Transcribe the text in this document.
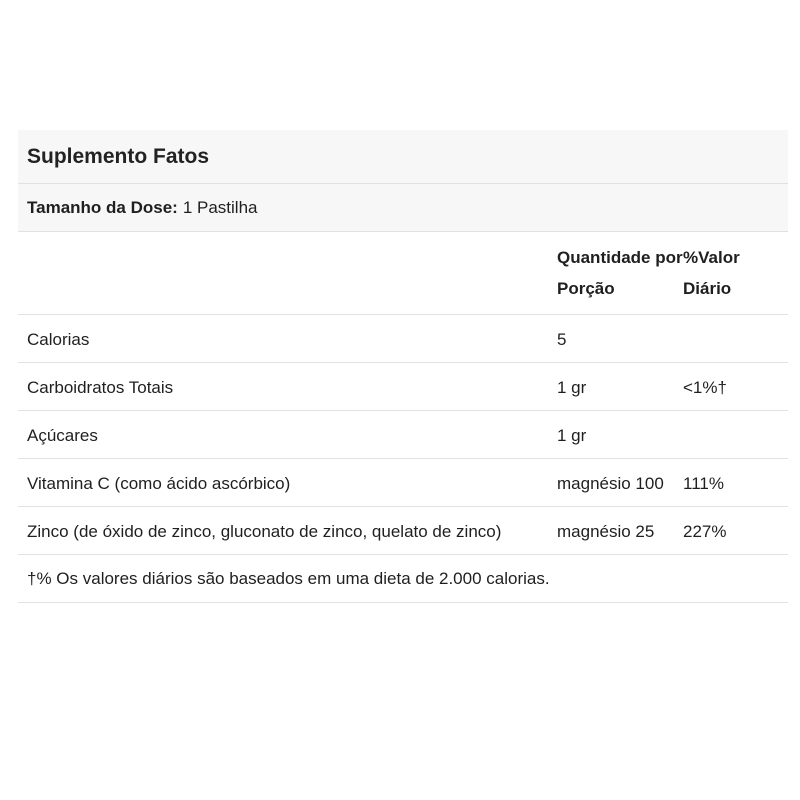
Suplemento Fatos
Tamanho da Dose: 1 Pastilha
	Quantidade por Porção	%Valor Diário
Calorias	5	
Carboidratos Totais	1 gr	<1%†
Açúcares	1 gr	
Vitamina C (como ácido ascórbico)	magnésio 100	111%
Zinco (de óxido de zinco, gluconato de zinco, quelato de zinco)	magnésio 25	227%
†% Os valores diários são baseados em uma dieta de 2.000 calorias.
